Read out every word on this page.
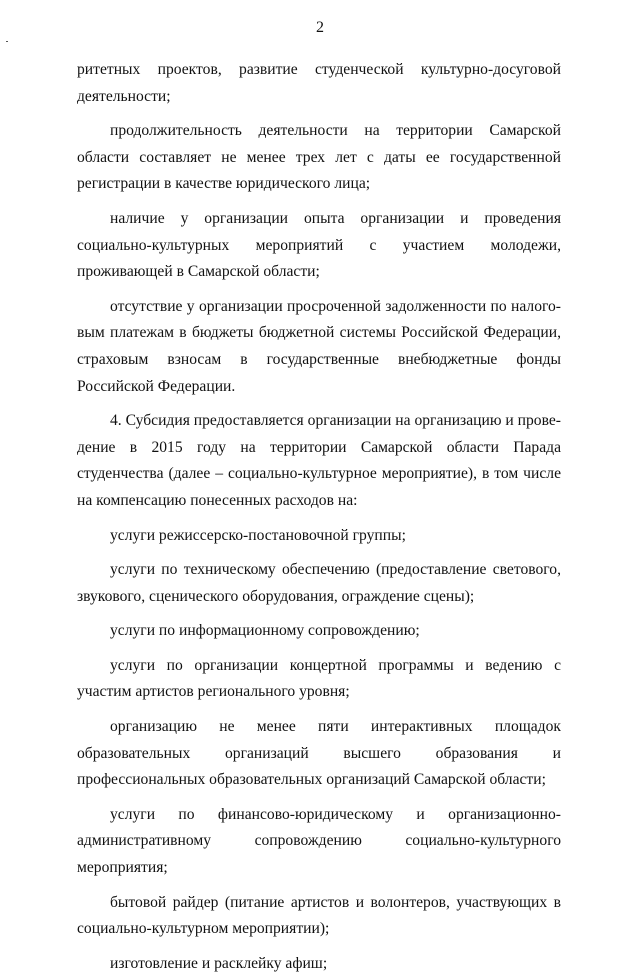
2

ритетных проектов, развитие студенческой культурно-досуговой деятельности;

продолжительность деятельности на территории Самарской области составляет не менее трех лет с даты ее государственной регистрации в качестве юридического лица;

наличие у организации опыта организации и проведения социально-культурных мероприятий с участием молодежи, проживающей в Самарской области;

отсутствие у организации просроченной задолженности по налоговым платежам в бюджеты бюджетной системы Российской Федерации, страховым взносам в государственные внебюджетные фонды Российской Федерации.

4. Субсидия предоставляется организации на организацию и проведение в 2015 году на территории Самарской области Парада студенчества (далее – социально-культурное мероприятие), в том числе на компенсацию понесенных расходов на:

услуги режиссерско-постановочной группы;

услуги по техническому обеспечению (предоставление светового, звукового, сценического оборудования, ограждение сцены);

услуги по информационному сопровождению;

услуги по организации концертной программы и ведению с участим артистов регионального уровня;

организацию не менее пяти интерактивных площадок образовательных организаций высшего образования и профессиональных образовательных организаций Самарской области;

услуги по финансово-юридическому и организационно-административному сопровождению социально-культурного мероприятия;

бытовой райдер (питание артистов и волонтеров, участвующих в социально-культурном мероприятии);

изготовление и расклейку афиш;
